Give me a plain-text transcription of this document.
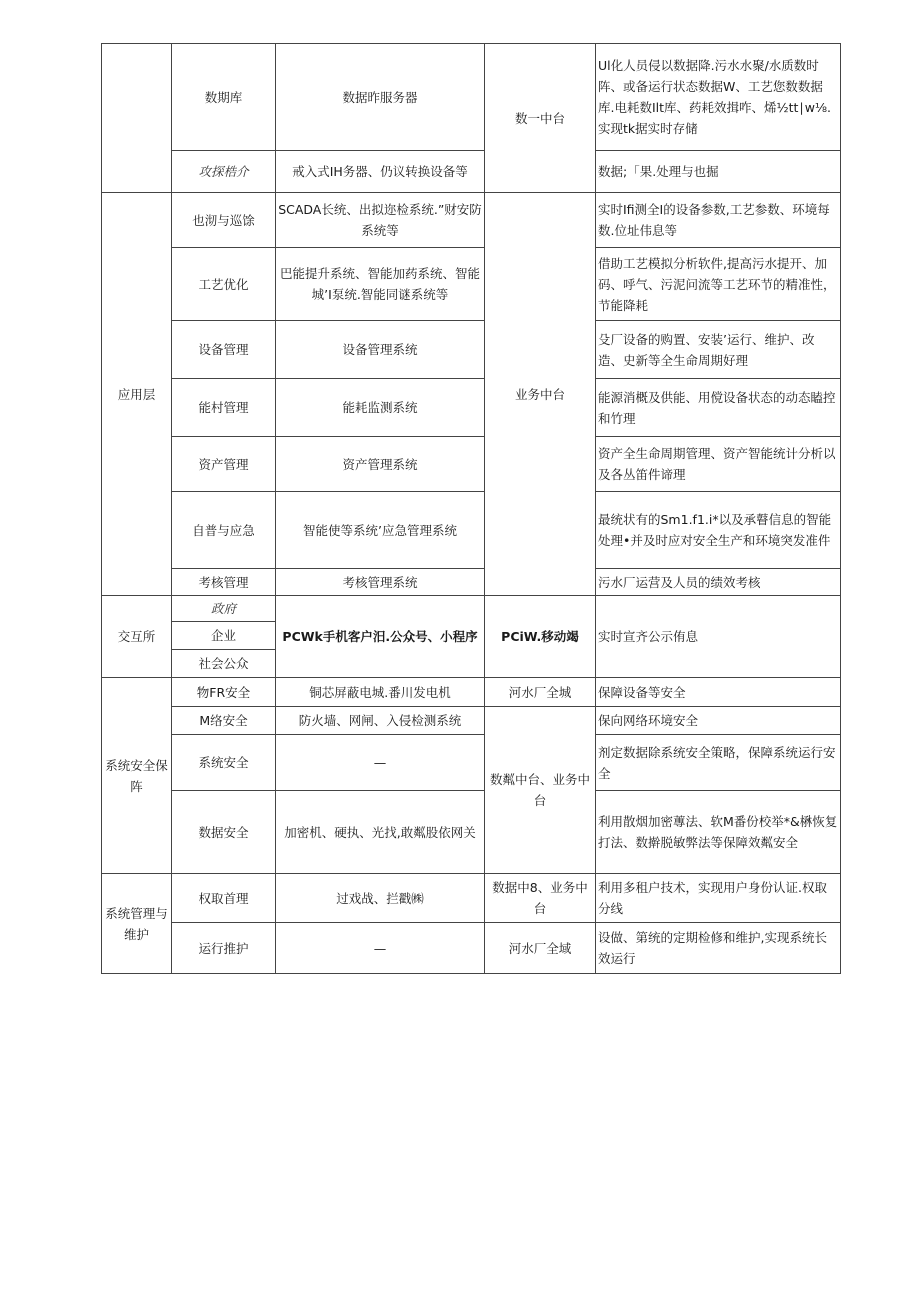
	数期库	数据昨服务器	数一中台	Ul化人员侵以数据降.污水水聚/水质数时阵、或备运行状态数据W、工艺您数数据库.电耗数Ilt库、药耗效揖咋、烯½tt∣w⅛.实现tk据实时存储
	攻探梏介	戒入式IH务器、仍议转换设备等		数据;「果.处理与也掘
应用层	也沏与巡馀	SCADA长统、出拟迩检系统.”财安防系统等	业务中台	实时Ifi测全I的设备参数,工艺参数、环境每数.位址伟息等
	工艺优化	巴能提升系统、智能加药系统、智能城’I泵统.智能同谜系统等		借助工艺模拟分析软件,提高污水提开、加码、呼气、污泥问流等工艺环节的精准性，节能降耗
	设备管理	设备管理系统		殳厂设备的购置、安装’运行、维护、改造、史新等全生命周期好理
	能村管理	能耗监测系统		能源消概及供能、用傥设备状态的动态瞌控和竹理
	资产管理	资产管理系统		资产全生命周期管理、资产智能统计分析以及各丛笛件谛理
	自普与应急	智能使等系统’应急管理系统		最统状有的Sm1.f1.i*以及承瞽信息的智能处理•并及时应对安全生产和环境突发准件
	考核管理	考核管理系统		污水厂运营及人员的绩效考核
交互所	政府	PCWk手机客户汨.公众号、小程序	PCiW.移动竭	实时宣齐公示侑息
	企业			
	社会公众			
系统安全保阵	物FR安全	铜芯屏蔽电城.番川发电机	河水厂全城	保障设备等安全
	M络安全	防火墙、网闸、入侵检测系统	数粼中台、业务中台	保向网络环境安全
	系统安全	—		剂定数据除系统安全策略，保障系统运行安全
	数据安全	加密机、硬执、光找,敢粼股依网关		利用散烟加密蓴法、软M番份校举*&楙恢复打法、数擀脱敏弊法等保障效粼安全
系统管理与维护	权取首理	过戏战、拦戳㈱	数据中8、业务中台	利用多租户技术，实现用户身份认证.权取分线
	运行推护	—	河水厂全域	设做、第统的定期检修和维护,实现系统长效运行
